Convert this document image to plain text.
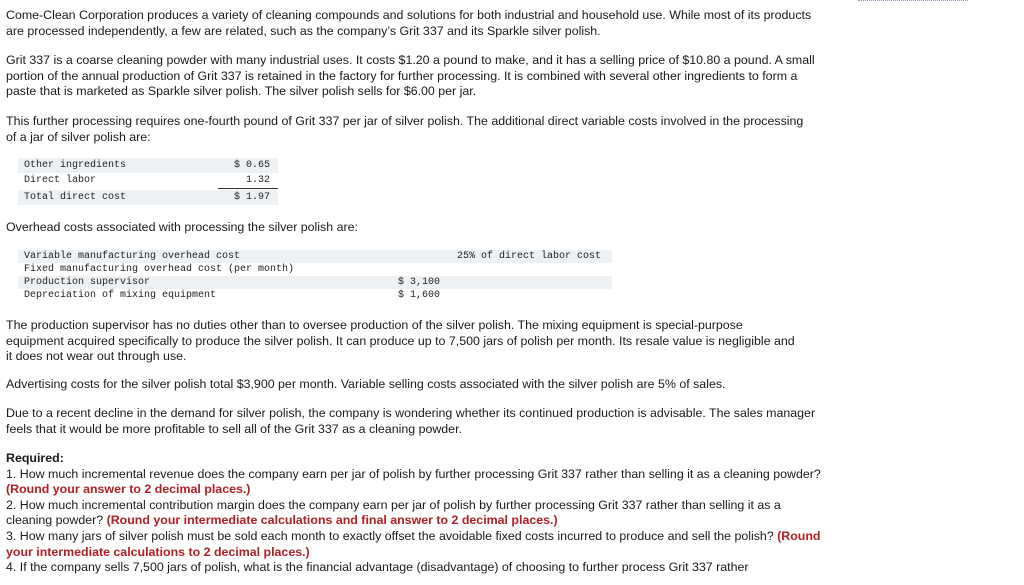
Come-Clean Corporation produces a variety of cleaning compounds and solutions for both industrial and household use. While most of its products are processed independently, a few are related, such as the company’s Grit 337 and its Sparkle silver polish.

Grit 337 is a coarse cleaning powder with many industrial uses. It costs $1.20 a pound to make, and it has a selling price of $10.80 a pound. A small portion of the annual production of Grit 337 is retained in the factory for further processing. It is combined with several other ingredients to form a paste that is marketed as Sparkle silver polish. The silver polish sells for $6.00 per jar.

This further processing requires one-fourth pound of Grit 337 per jar of silver polish. The additional direct variable costs involved in the processing of a jar of silver polish are:

Other ingredients	$ 0.65
Direct labor	1.32
Total direct cost	$ 1.97

Overhead costs associated with processing the silver polish are:

Variable manufacturing overhead cost	25% of direct labor cost
Fixed manufacturing overhead cost (per month)
Production supervisor	$ 3,100
Depreciation of mixing equipment	$ 1,600

The production supervisor has no duties other than to oversee production of the silver polish. The mixing equipment is special-purpose equipment acquired specifically to produce the silver polish. It can produce up to 7,500 jars of polish per month. Its resale value is negligible and it does not wear out through use.

Advertising costs for the silver polish total $3,900 per month. Variable selling costs associated with the silver polish are 5% of sales.

Due to a recent decline in the demand for silver polish, the company is wondering whether its continued production is advisable. The sales manager feels that it would be more profitable to sell all of the Grit 337 as a cleaning powder.

Required:

1. How much incremental revenue does the company earn per jar of polish by further processing Grit 337 rather than selling it as a cleaning powder? (Round your answer to 2 decimal places.)

2. How much incremental contribution margin does the company earn per jar of polish by further processing Grit 337 rather than selling it as a cleaning powder? (Round your intermediate calculations and final answer to 2 decimal places.)

3. How many jars of silver polish must be sold each month to exactly offset the avoidable fixed costs incurred to produce and sell the polish? (Round your intermediate calculations to 2 decimal places.)

4. If the company sells 7,500 jars of polish, what is the financial advantage (disadvantage) of choosing to further process Grit 337 rather
